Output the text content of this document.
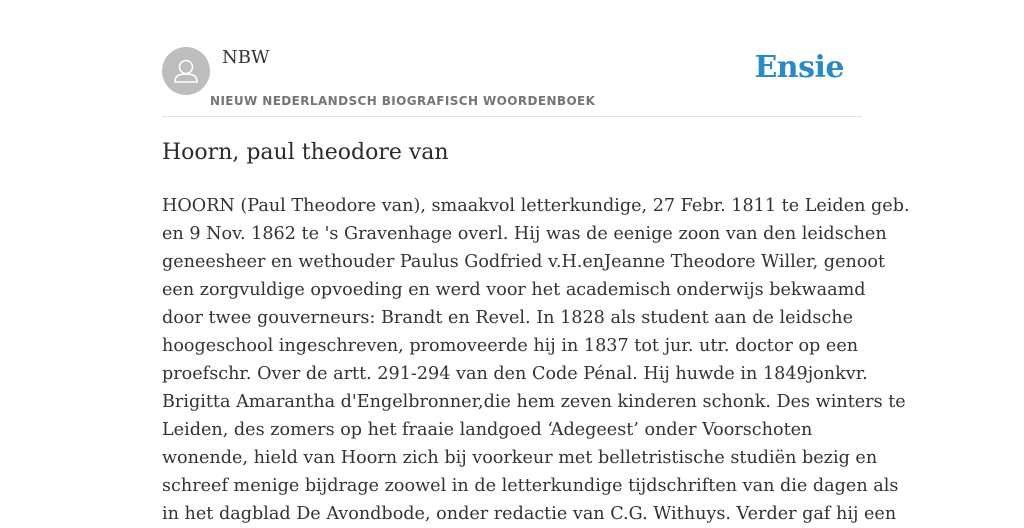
NBW
NIEUW NEDERLANDSCH BIOGRAFISCH WOORDENBOEK
Ensie
Hoorn, paul theodore van
HOORN (Paul Theodore van), smaakvol letterkundige, 27 Febr. 1811 te Leiden geb.
en 9 Nov. 1862 te 's Gravenhage overl. Hij was de eenige zoon van den leidschen
geneesheer en wethouder Paulus Godfried v.H.enJeanne Theodore Willer, genoot
een zorgvuldige opvoeding en werd voor het academisch onderwijs bekwaamd
door twee gouverneurs: Brandt en Revel. In 1828 als student aan de leidsche
hoogeschool ingeschreven, promoveerde hij in 1837 tot jur. utr. doctor op een
proefschr. Over de artt. 291-294 van den Code Pénal. Hij huwde in 1849jonkvr.
Brigitta Amarantha d'Engelbronner,die hem zeven kinderen schonk. Des winters te
Leiden, des zomers op het fraaie landgoed ‘Adegeest’ onder Voorschoten
wonende, hield van Hoorn zich bij voorkeur met belletristische studiën bezig en
schreef menige bijdrage zoowel in de letterkundige tijdschriften van die dagen als
in het dagblad De Avondbode, onder redactie van C.G. Withuys. Verder gaf hij een
